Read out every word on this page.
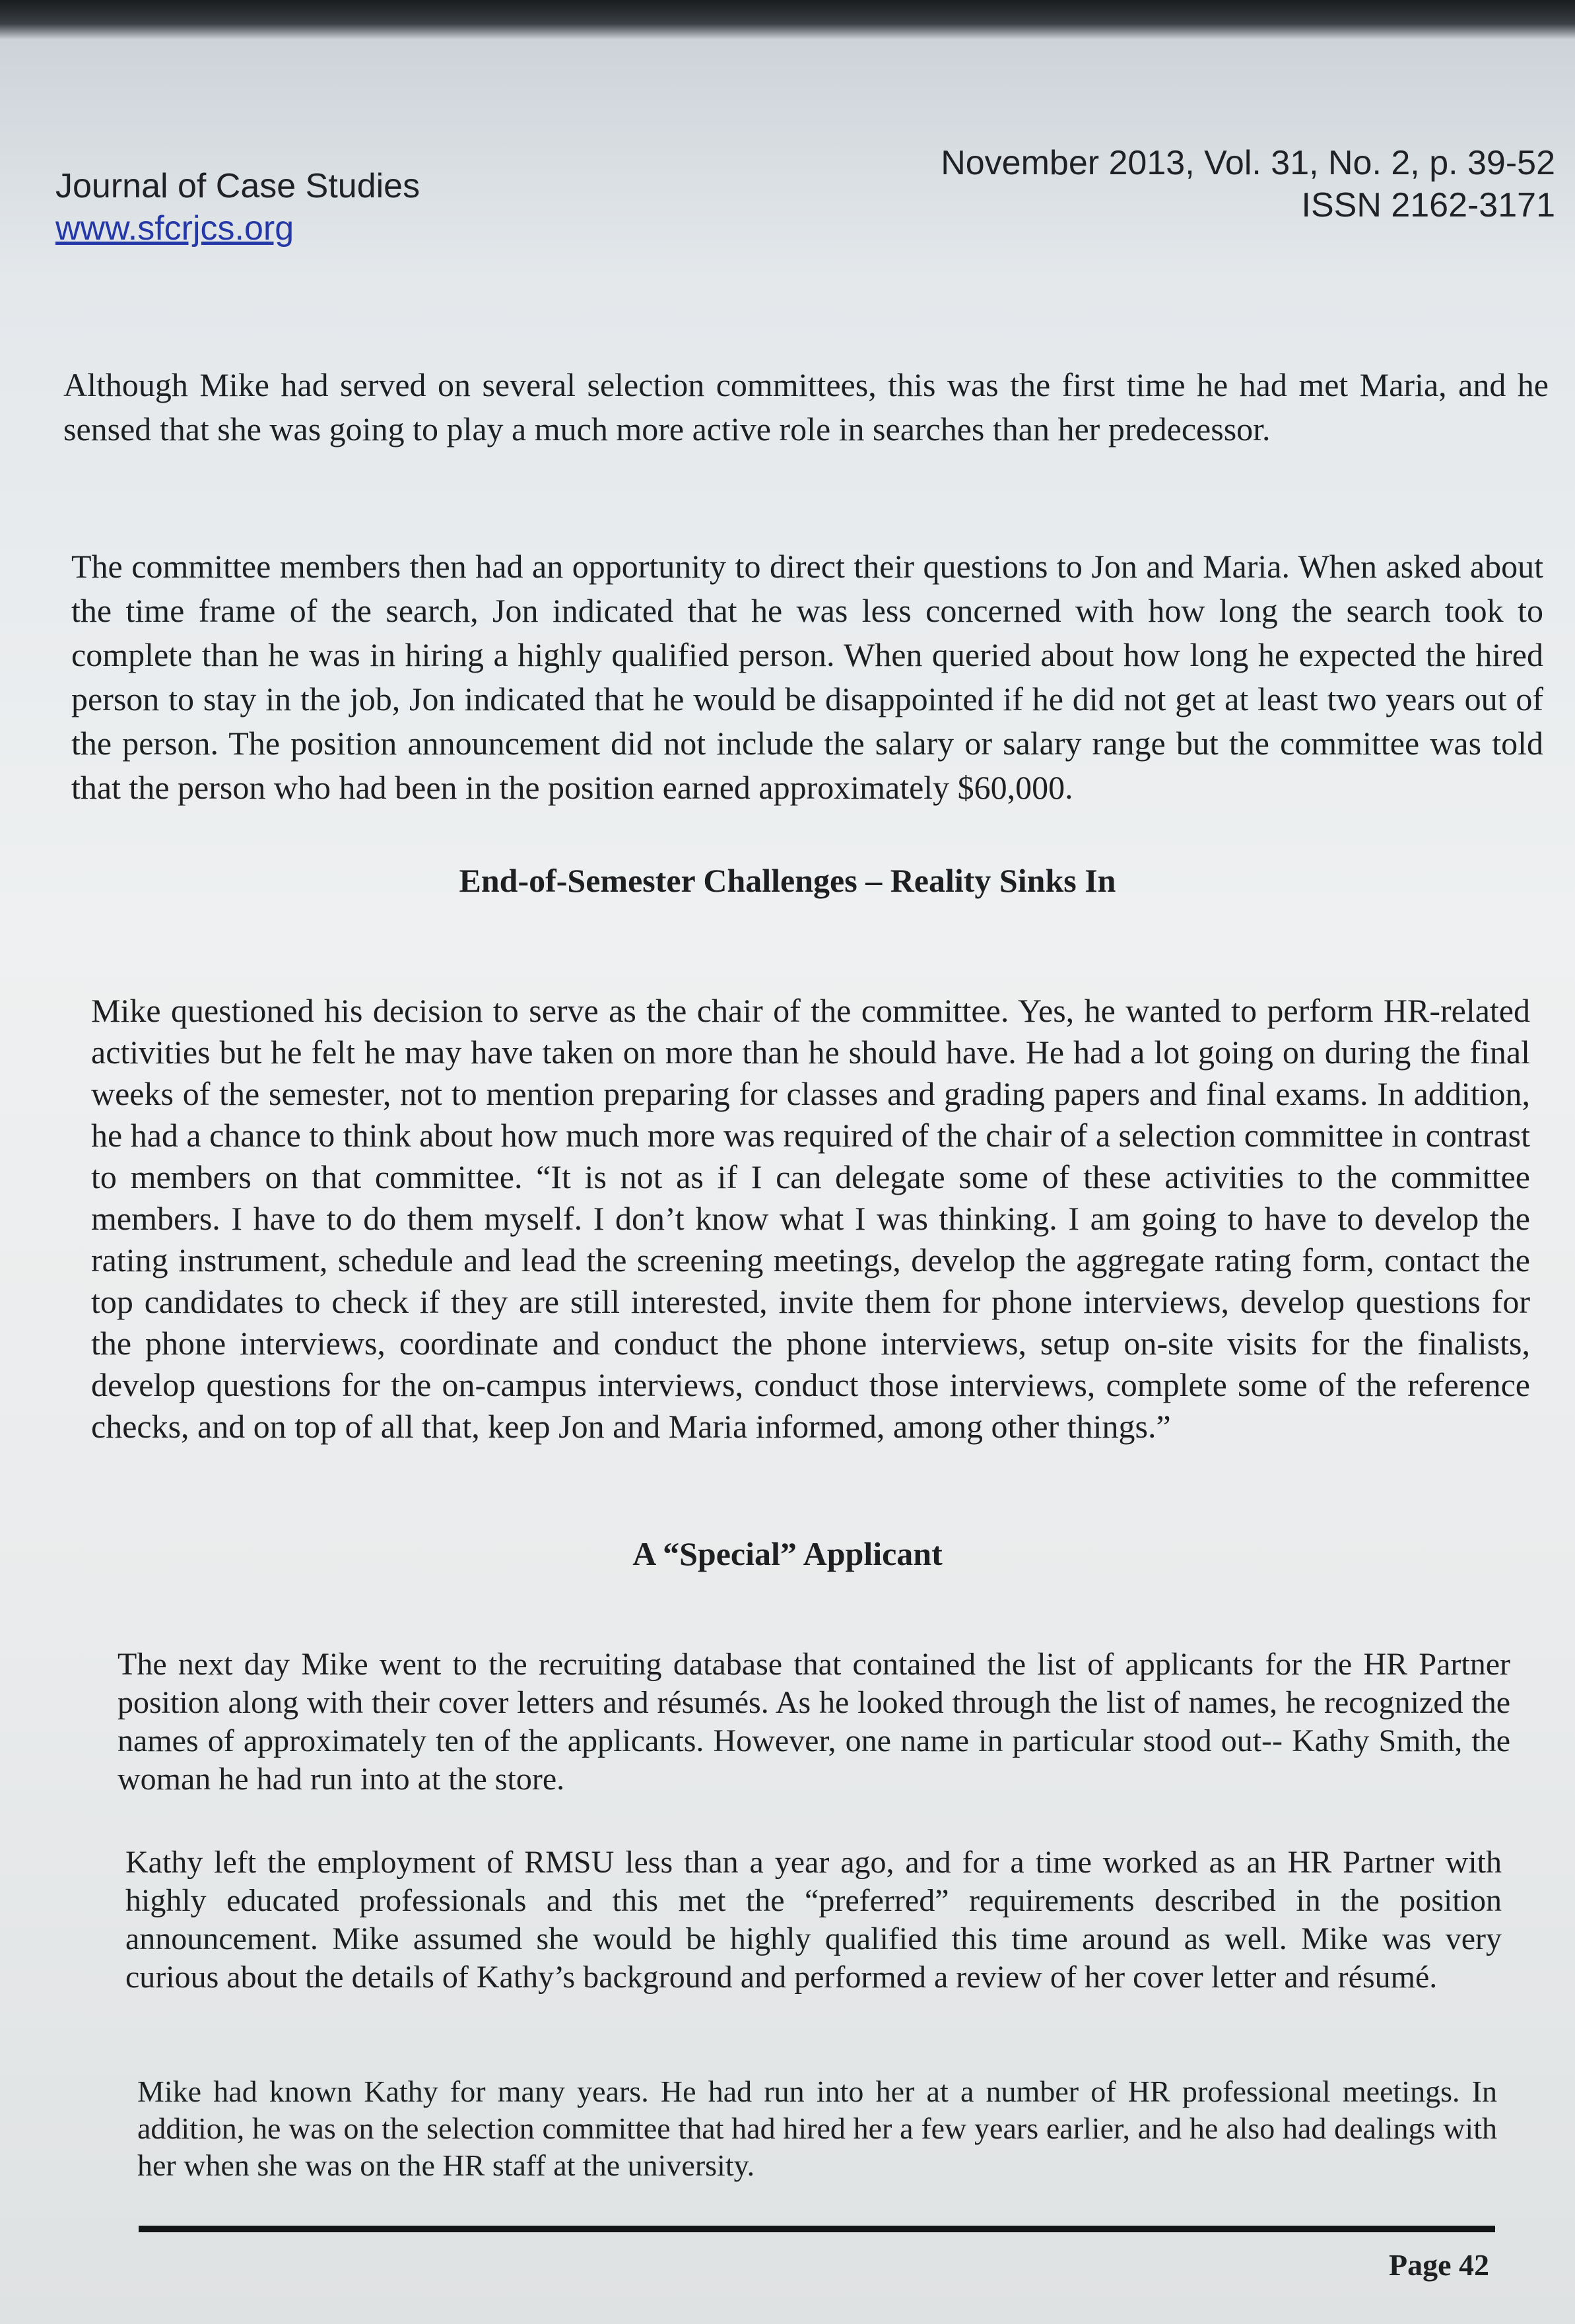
Journal of Case Studies
www.sfcrjcs.org
November 2013, Vol. 31, No. 2, p. 39-52
ISSN 2162-3171

Although Mike had served on several selection committees, this was the first time he had met Maria, and he sensed that she was going to play a much more active role in searches than her predecessor.

The committee members then had an opportunity to direct their questions to Jon and Maria. When asked about the time frame of the search, Jon indicated that he was less concerned with how long the search took to complete than he was in hiring a highly qualified person. When queried about how long he expected the hired person to stay in the job, Jon indicated that he would be disappointed if he did not get at least two years out of the person. The position announcement did not include the salary or salary range but the committee was told that the person who had been in the position earned approximately $60,000.

End-of-Semester Challenges – Reality Sinks In

Mike questioned his decision to serve as the chair of the committee. Yes, he wanted to perform HR-related activities but he felt he may have taken on more than he should have. He had a lot going on during the final weeks of the semester, not to mention preparing for classes and grading papers and final exams. In addition, he had a chance to think about how much more was required of the chair of a selection committee in contrast to members on that committee. “It is not as if I can delegate some of these activities to the committee members. I have to do them myself. I don’t know what I was thinking. I am going to have to develop the rating instrument, schedule and lead the screening meetings, develop the aggregate rating form, contact the top candidates to check if they are still interested, invite them for phone interviews, develop questions for the phone interviews, coordinate and conduct the phone interviews, setup on-site visits for the finalists, develop questions for the on-campus interviews, conduct those interviews, complete some of the reference checks, and on top of all that, keep Jon and Maria informed, among other things.”

A “Special” Applicant

The next day Mike went to the recruiting database that contained the list of applicants for the HR Partner position along with their cover letters and résumés. As he looked through the list of names, he recognized the names of approximately ten of the applicants. However, one name in particular stood out-- Kathy Smith, the woman he had run into at the store.

Kathy left the employment of RMSU less than a year ago, and for a time worked as an HR Partner with highly educated professionals and this met the “preferred” requirements described in the position announcement. Mike assumed she would be highly qualified this time around as well. Mike was very curious about the details of Kathy’s background and performed a review of her cover letter and résumé.

Mike had known Kathy for many years. He had run into her at a number of HR professional meetings. In addition, he was on the selection committee that had hired her a few years earlier, and he also had dealings with her when she was on the HR staff at the university.

Page 42
